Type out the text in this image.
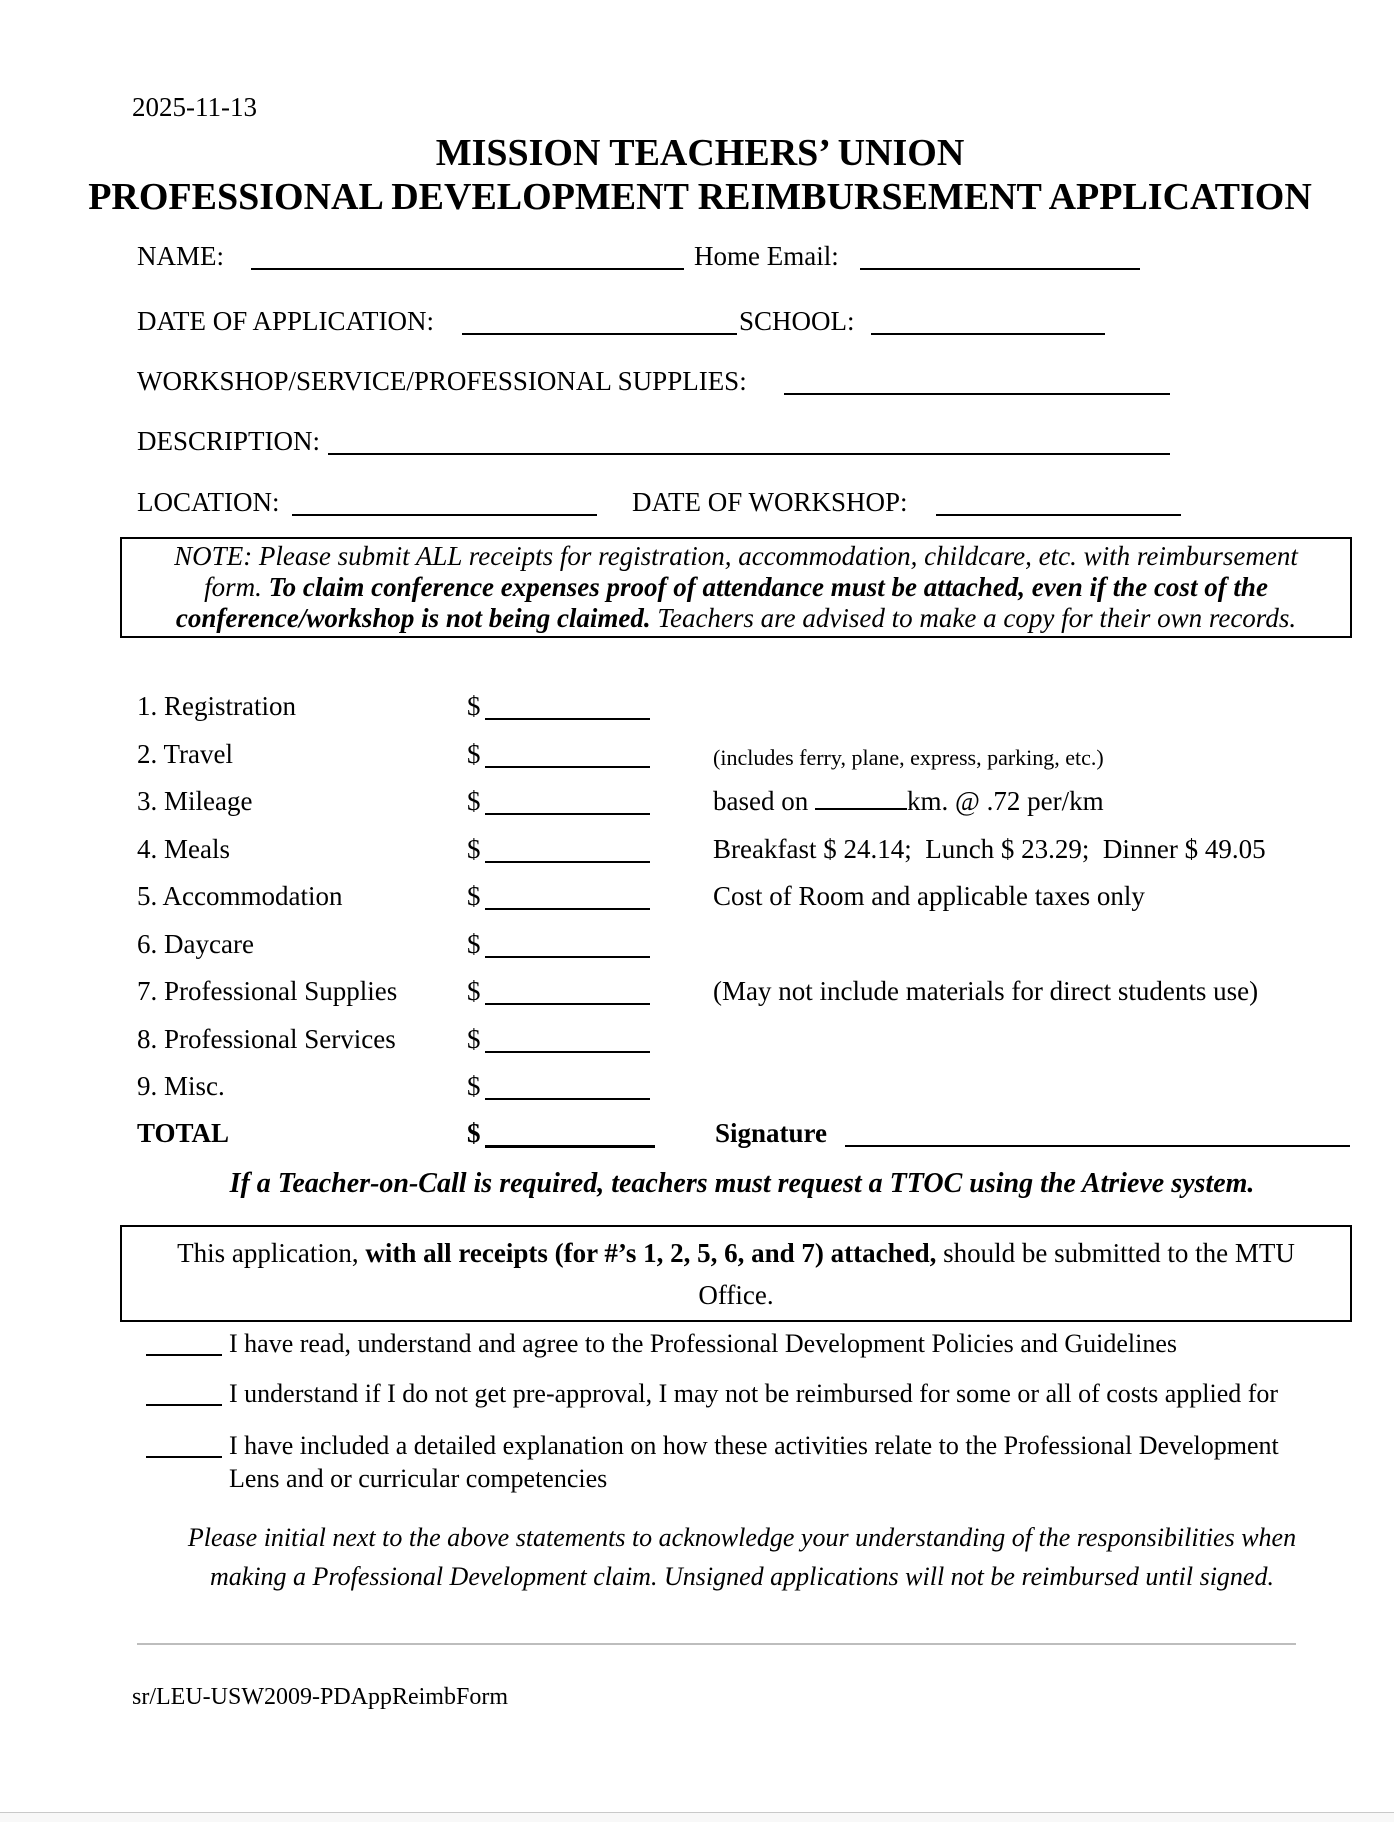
2025-11-13
MISSION TEACHERS’ UNION
PROFESSIONAL DEVELOPMENT REIMBURSEMENT APPLICATION
NAME:	Home Email:
DATE OF APPLICATION:	SCHOOL:
WORKSHOP/SERVICE/PROFESSIONAL SUPPLIES:
DESCRIPTION:
LOCATION:	DATE OF WORKSHOP:

NOTE: Please submit ALL receipts for registration, accommodation, childcare, etc. with reimbursement form. To claim conference expenses proof of attendance must be attached, even if the cost of the conference/workshop is not being claimed. Teachers are advised to make a copy for their own records.

1. Registration	$
2. Travel	$	(includes ferry, plane, express, parking, etc.)
3. Mileage	$	based on	km. @ .72 per/km
4. Meals	$	Breakfast $ 24.14;  Lunch $ 23.29;  Dinner $ 49.05
5. Accommodation	$	Cost of Room and applicable taxes only
6. Daycare	$
7. Professional Supplies	$	(May not include materials for direct students use)
8. Professional Services	$
9. Misc.	$
TOTAL	$	Signature
If a Teacher-on-Call is required, teachers must request a TTOC using the Atrieve system.

This application, with all receipts (for #’s 1, 2, 5, 6, and 7) attached, should be submitted to the MTU Office.

I have read, understand and agree to the Professional Development Policies and Guidelines
I understand if I do not get pre-approval, I may not be reimbursed for some or all of costs applied for
I have included a detailed explanation on how these activities relate to the Professional Development
Lens and or curricular competencies
Please initial next to the above statements to acknowledge your understanding of the responsibilities when
making a Professional Development claim. Unsigned applications will not be reimbursed until signed.
sr/LEU-USW2009-PDAppReimbForm
